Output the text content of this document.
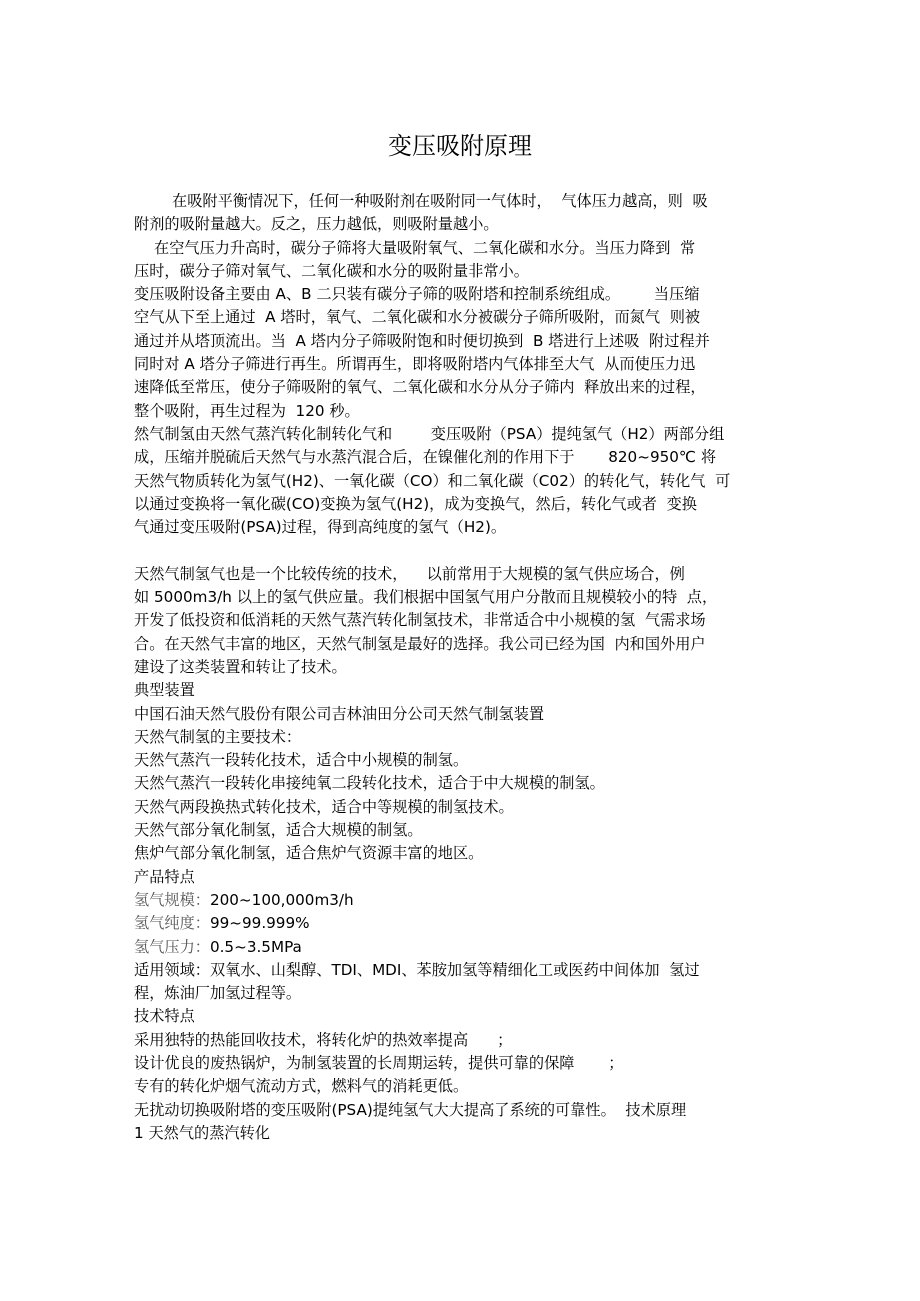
变压吸附原理
在吸附平衡情况下，任何一种吸附剂在吸附同一气体时，  气体压力越高，则  吸
附剂的吸附量越大。反之，压力越低，则吸附量越小。
在空气压力升高时，碳分子筛将大量吸附氧气、二氧化碳和水分。当压力降到  常
压时，碳分子筛对氧气、二氧化碳和水分的吸附量非常小。
变压吸附设备主要由 A、B 二只装有碳分子筛的吸附塔和控制系统组成。       当压缩
空气从下至上通过  A 塔时，氧气、二氧化碳和水分被碳分子筛所吸附，而氮气  则被
通过并从塔顶流出。当  A 塔内分子筛吸附饱和时便切换到  B 塔进行上述吸  附过程并
同时对 A 塔分子筛进行再生。所谓再生，即将吸附塔内气体排至大气  从而使压力迅
速降低至常压，使分子筛吸附的氧气、二氧化碳和水分从分子筛内  释放出来的过程，
整个吸附，再生过程为  120 秒。
然气制氢由天然气蒸汽转化制转化气和        变压吸附（PSA）提纯氢气（H2）两部分组
成，压缩并脱硫后天然气与水蒸汽混合后，在镍催化剂的作用下于       820~950℃ 将
天然气物质转化为氢气(H2)、一氧化碳（CO）和二氧化碳（C02）的转化气，转化气  可
以通过变换将一氧化碳(CO)变换为氢气(H2)，成为变换气，然后，转化气或者  变换
气通过变压吸附(PSA)过程，得到高纯度的氢气（H2)。
天然气制氢气也是一个比较传统的技术，    以前常用于大规模的氢气供应场合，例
如 5000m3/h 以上的氢气供应量。我们根据中国氢气用户分散而且规模较小的特  点，
开发了低投资和低消耗的天然气蒸汽转化制氢技术，非常适合中小规模的氢  气需求场
合。在天然气丰富的地区，天然气制氢是最好的选择。我公司已经为国  内和国外用户
建设了这类装置和转让了技术。
典型装置
中国石油天然气股份有限公司吉林油田分公司天然气制氢装置
天然气制氢的主要技术：
天然气蒸汽一段转化技术，适合中小规模的制氢。
天然气蒸汽一段转化串接纯氧二段转化技术，适合于中大规模的制氢。
天然气两段换热式转化技术，适合中等规模的制氢技术。
天然气部分氧化制氢，适合大规模的制氢。
焦炉气部分氧化制氢，适合焦炉气资源丰富的地区。
产品特点
氢气规模：200~100,000m3/h
氢气纯度：99~99.999%
氢气压力：0.5~3.5MPa
适用领域：双氧水、山梨醇、TDI、MDI、苯胺加氢等精细化工或医药中间体加  氢过
程，炼油厂加氢过程等。
技术特点
采用独特的热能回收技术，将转化炉的热效率提高      ；
设计优良的废热锅炉，为制氢装置的长周期运转，提供可靠的保障       ；
专有的转化炉烟气流动方式，燃料气的消耗更低。
无扰动切换吸附塔的变压吸附(PSA)提纯氢气大大提高了系统的可靠性。  技术原理
1 天然气的蒸汽转化
